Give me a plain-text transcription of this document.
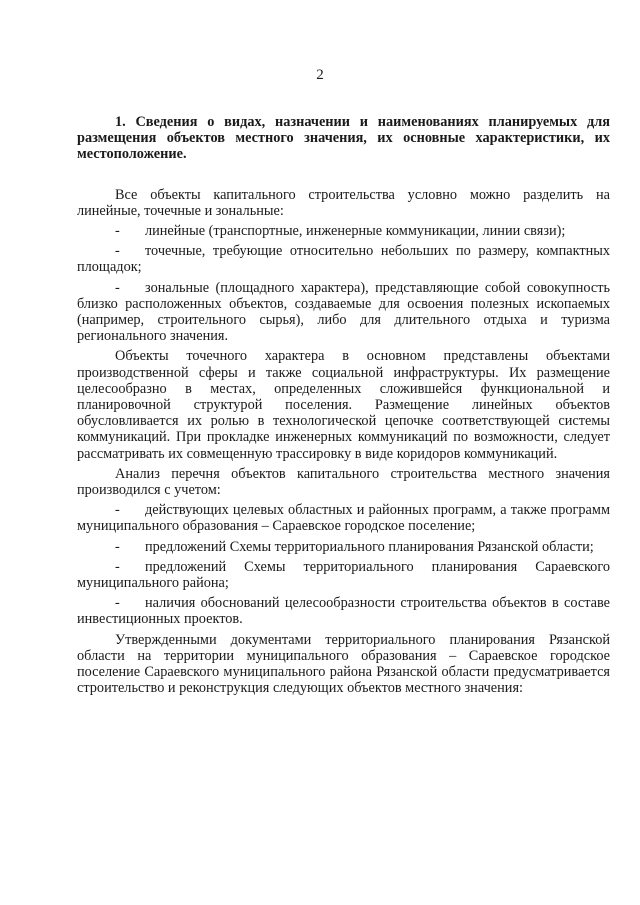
2

1. Сведения о видах, назначении и наименованиях планируемых для размещения объектов местного значения, их основные характеристики, их местоположение.

Все объекты капитального строительства условно можно разделить на линейные, точечные и зональные:

- линейные (транспортные, инженерные коммуникации, линии связи);

- точечные, требующие относительно небольших по размеру, компактных площадок;

- зональные (площадного характера), представляющие собой совокупность близко расположенных объектов, создаваемые для освоения полезных ископаемых (например, строительного сырья), либо для длительного отдыха и туризма регионального значения.

Объекты точечного характера в основном представлены объектами производственной сферы и также социальной инфраструктуры. Их размещение целесообразно в местах, определенных сложившейся функциональной и планировочной структурой поселения. Размещение линейных объектов обусловливается их ролью в технологической цепочке соответствующей системы коммуникаций. При прокладке инженерных коммуникаций по возможности, следует рассматривать их совмещенную трассировку в виде коридоров коммуникаций.

Анализ перечня объектов капитального строительства местного значения производился с учетом:

- действующих целевых областных и районных программ, а также программ муниципального образования – Сараевское городское поселение;

- предложений Схемы территориального планирования Рязанской области;

- предложений Схемы территориального планирования Сараевского муниципального района;

- наличия обоснований целесообразности строительства объектов в составе инвестиционных проектов.

Утвержденными документами территориального планирования Рязанской области на территории муниципального образования – Сараевское городское поселение Сараевского муниципального района Рязанской области предусматривается строительство и реконструкция следующих объектов местного значения:
